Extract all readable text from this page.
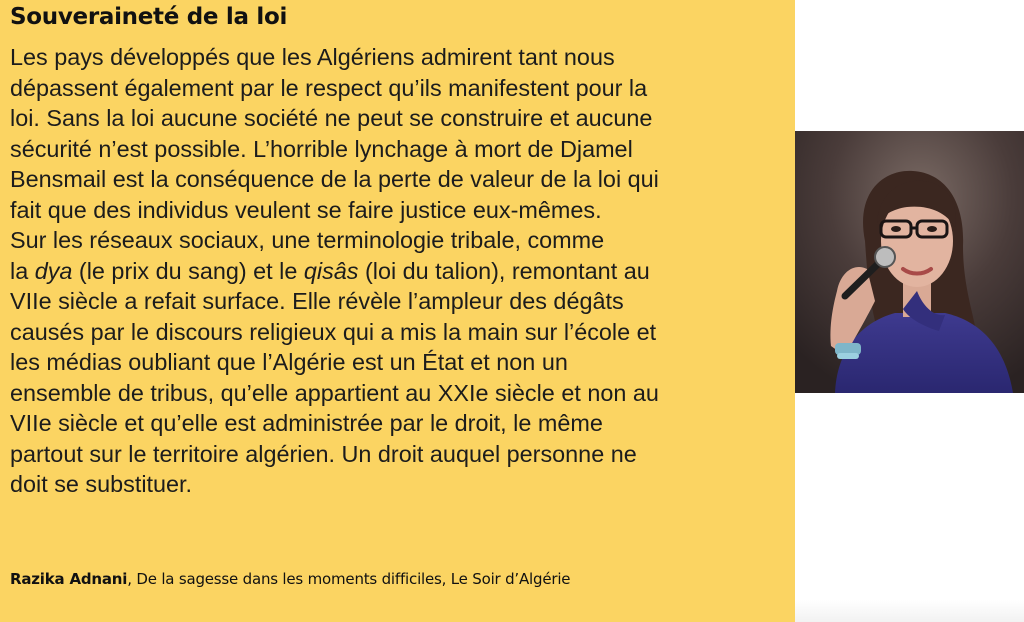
Souveraineté de la loi
Les pays développés que les Algériens admirent tant nous
dépassent également par le respect qu’ils manifestent pour la
loi. Sans la loi aucune société ne peut se construire et aucune
sécurité n’est possible. L’horrible lynchage à mort de Djamel
Bensmail est la conséquence de la perte de valeur de la loi qui
fait que des individus veulent se faire justice eux-mêmes.
Sur les réseaux sociaux, une terminologie tribale, comme
la dya (le prix du sang) et le qisâs (loi du talion), remontant au
VIIe siècle a refait surface. Elle révèle l’ampleur des dégâts
causés par le discours religieux qui a mis la main sur l’école et
les médias oubliant que l’Algérie est un État et non un
ensemble de tribus, qu’elle appartient au XXIe siècle et non au
VIIe siècle et qu’elle est administrée par le droit, le même
partout sur le territoire algérien. Un droit auquel personne ne
doit se substituer.
Razika Adnani, De la sagesse dans les moments difficiles, Le Soir d’Algérie
